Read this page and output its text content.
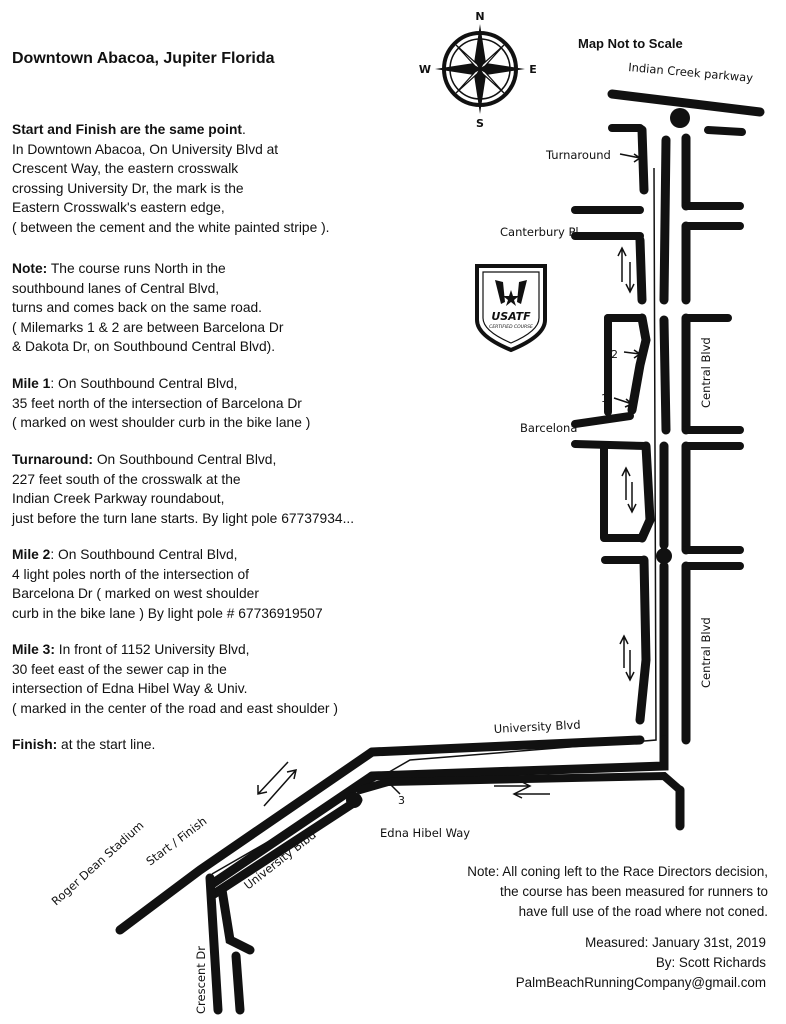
Downtown Abacoa, Jupiter Florida
Map Not to Scale
Start and Finish are the same point.
In Downtown Abacoa, On University Blvd at
Crescent Way, the eastern crosswalk
crossing University Dr, the mark is the
Eastern Crosswalk's eastern edge,
( between the cement and the white painted stripe ).
Note: The course runs North in the
southbound lanes of Central Blvd,
turns and comes back on the same road.
( Milemarks 1 & 2 are between Barcelona Dr
& Dakota Dr, on Southbound Central Blvd).
Mile 1: On Southbound Central Blvd,
35 feet north of the intersection of Barcelona Dr
( marked on west shoulder curb in the bike lane )
Turnaround: On Southbound Central Blvd,
227 feet south of the crosswalk at the
Indian Creek Parkway roundabout,
just before the turn lane starts. By light pole 67737934...
Mile 2: On Southbound Central Blvd,
4 light poles north of the intersection of
Barcelona Dr ( marked on west shoulder
curb in the bike lane ) By light pole # 67736919507
Mile 3: In front of 1152 University Blvd,
30 feet east of the sewer cap in the
intersection of Edna Hibel Way & Univ.
( marked in the center of the road and east shoulder )
Finish: at the start line.
Note: All coning left to the Race Directors decision,
the course has been measured for runners to
have full use of the road where not coned.
Measured: January 31st, 2019
By: Scott Richards
PalmBeachRunningCompany@gmail.com
N
S
E
W
USATF
CERTIFIED COURSE
Indian Creek parkway
Turnaround
Canterbury Pl
Central Blvd
Central Blvd
Barcelona
1
2
3
University Blvd
Edna Hibel Way
Start / Finish	University Blbd
Roger Dean Stadium
Crescent Dr
